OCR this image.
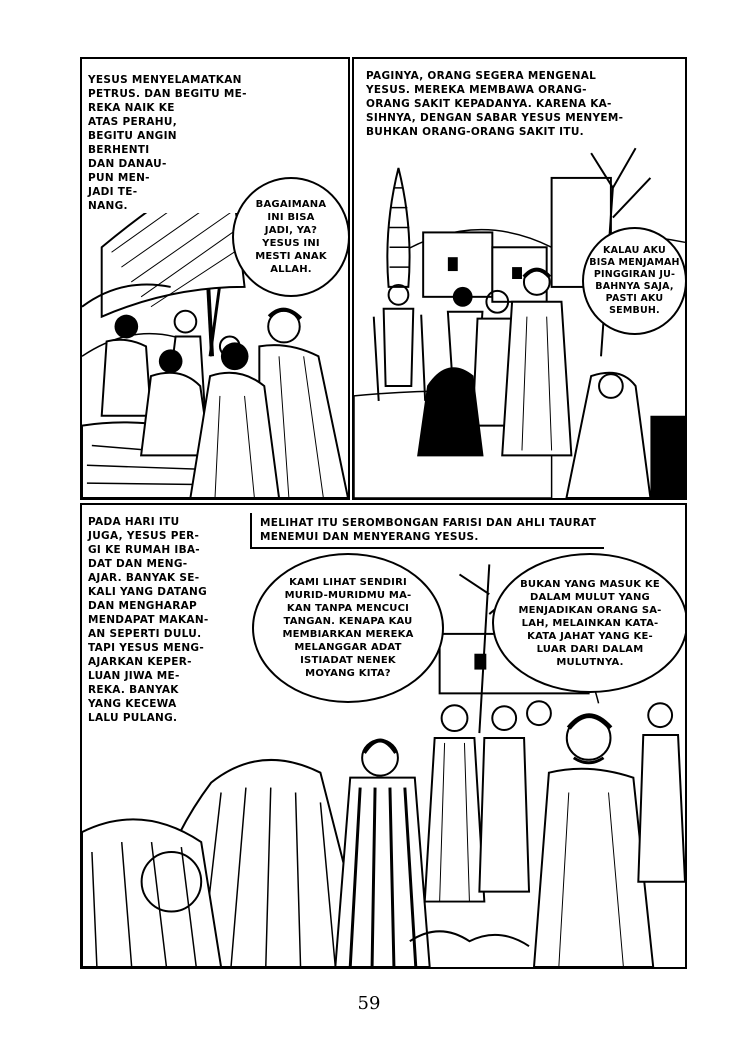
YESUS MENYELAMATKAN
PETRUS. DAN BEGITU ME-
REKA NAIK KE
ATAS PERAHU,
BEGITU ANGIN
BERHENTI
DAN DANAU-
PUN MEN-
JADI TE-
NANG.	BAGAIMANA
INI BISA
JADI, YA?
YESUS INI
MESTI ANAK
ALLAH.
PAGINYA, ORANG SEGERA MENGENAL
YESUS. MEREKA MEMBAWA ORANG-
ORANG SAKIT KEPADANYA. KARENA KA-
SIHNYA, DENGAN SABAR YESUS MENYEM-
BUHKAN ORANG-ORANG SAKIT ITU.
KALAU AKU
BISA MENJAMAH
PINGGIRAN JU-
BAHNYA SAJA,
PASTI AKU
SEMBUH.
PADA HARI ITU
JUGA, YESUS PER-
GI KE RUMAH IBA-
DAT DAN MENG-
AJAR. BANYAK SE-
KALI YANG DATANG
DAN MENGHARAP
MENDAPAT MAKAN-
AN SEPERTI DULU.
TAPI YESUS MENG-
AJARKAN KEPER-
LUAN JIWA ME-
REKA. BANYAK
YANG KECEWA
LALU PULANG.
MELIHAT ITU SEROMBONGAN FARISI DAN AHLI TAURAT
MENEMUI DAN MENYERANG YESUS.
KAMI LIHAT SENDIRI
MURID-MURIDMU MA-
KAN TANPA MENCUCI
TANGAN. KENAPA KAU
MEMBIARKAN MEREKA
MELANGGAR ADAT
ISTIADAT NENEK
MOYANG KITA?
BUKAN YANG MASUK KE
DALAM MULUT YANG
MENJADIKAN ORANG SA-
LAH, MELAINKAN KATA-
KATA JAHAT YANG KE-
LUAR DARI DALAM
MULUTNYA.
59
